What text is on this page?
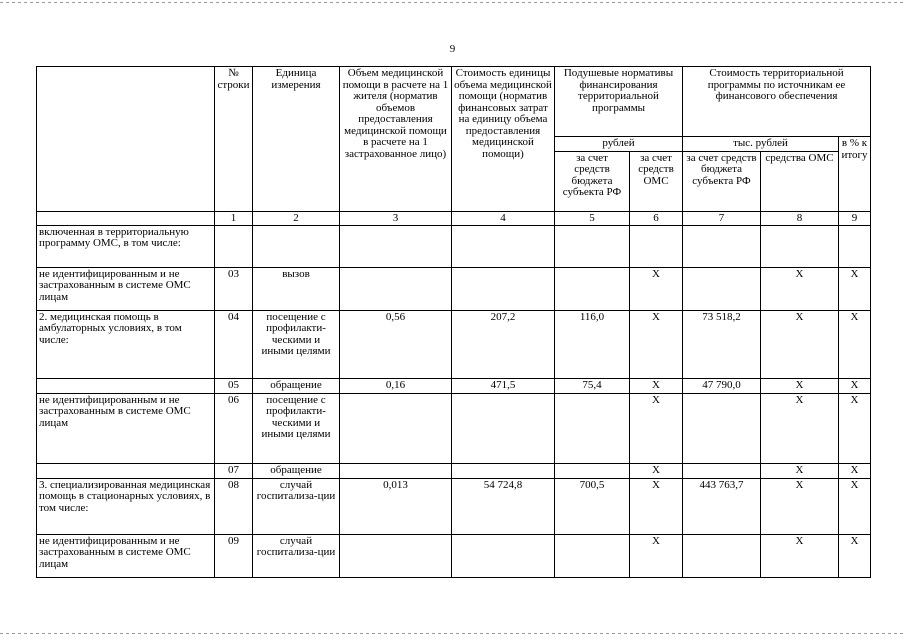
9
	№ строки	Единица измерения	Объем медицинской помощи в расчете на 1 жителя (норматив объемов предоставления медицинской помощи в расчете на 1 застрахованное лицо)	Стоимость единицы объема медицинской помощи (норматив финансовых затрат на единицу объема предоставления медицинской помощи)	Подушевые нормативы финансирования территориальной программы		Стоимость территориальной программы по источникам ее финансового обеспечения		
					рублей		тыс. рублей		в % к итогу
					за счет средств бюджета субъекта РФ	за счет средств ОМС	за счет средств бюджета субъекта РФ	средства ОМС	
	1	2	3	4	5	6	7	8	9
включенная в территориальную программу ОМС, в том числе:									
не идентифицированным и не застрахованным в системе ОМС лицам	03	вызов				X		X	X
2. медицинская помощь в амбулаторных условиях, в том числе:	04	посещение с профилакти-ческими и иными целями	0,56	207,2	116,0	X	73 518,2	X	X
	05	обращение	0,16	471,5	75,4	X	47 790,0	X	X
не идентифицированным и не застрахованным в системе ОМС лицам	06	посещение с профилакти-ческими и иными целями				X		X	X
	07	обращение				X		X	X
3. специализированная медицинская помощь в стационарных условиях, в том числе:	08	случай госпитализа-ции	0,013	54 724,8	700,5	X	443 763,7	X	X
не идентифицированным и не застрахованным в системе ОМС лицам	09	случай госпитализа-ции				X		X	X
